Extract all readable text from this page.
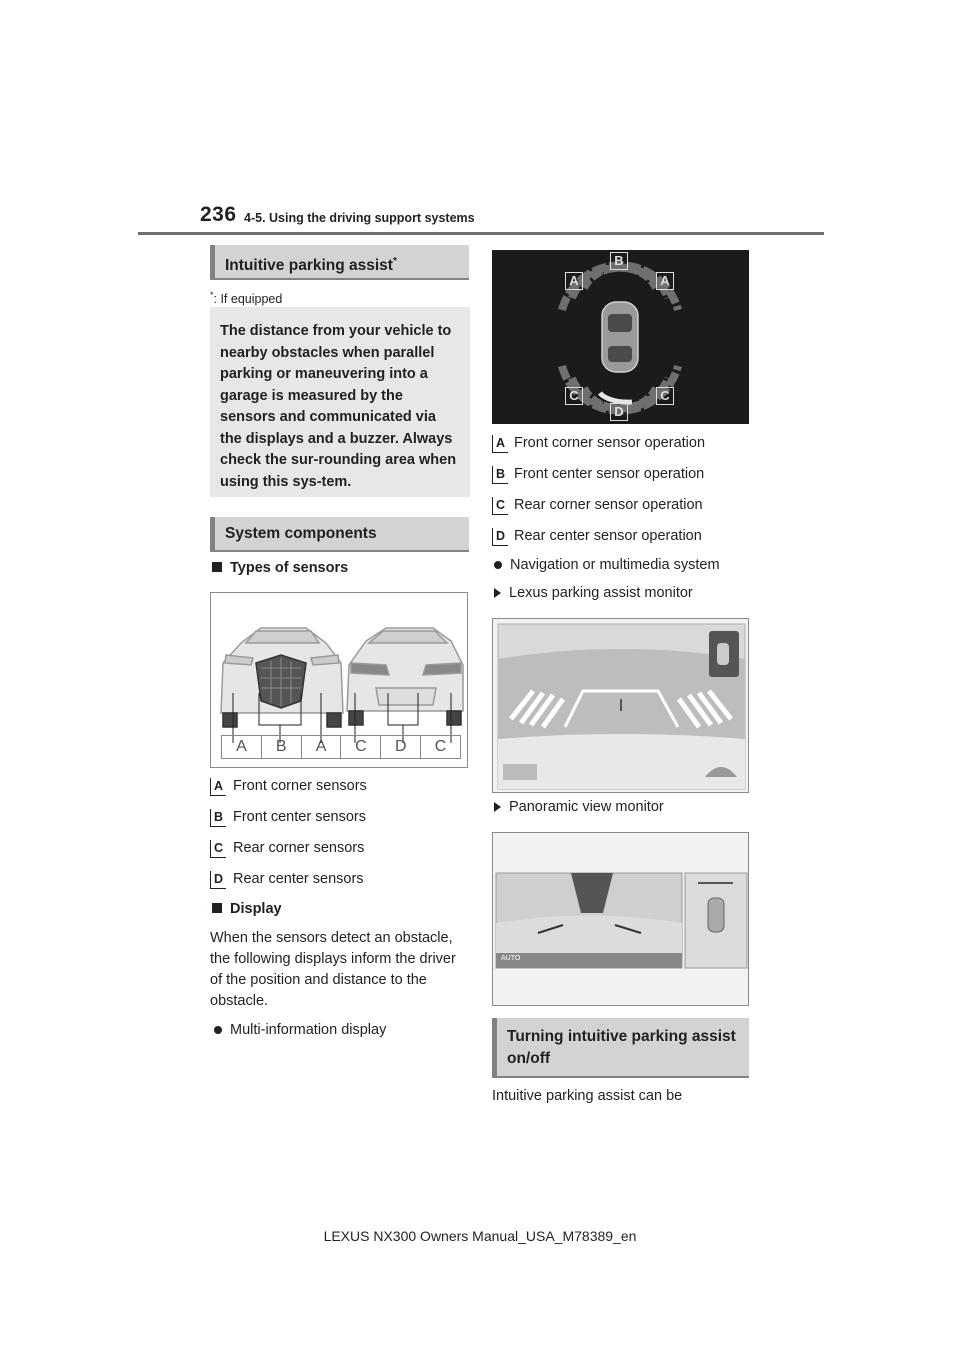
236 4-5. Using the driving support systems
Intuitive parking assist*
*: If equipped
The distance from your vehicle to nearby obstacles when parallel parking or maneuvering into a garage is measured by the sensors and communicated via the displays and a buzzer. Always check the sur-rounding area when using this sys-tem.
System components
Types of sensors
A	B	A	C	D	C
A Front corner sensors
B Front center sensors
C Rear corner sensors
D Rear center sensors
Display
When the sensors detect an obstacle, the following displays inform the driver of the position and distance to the obstacle.
Multi-information display
B
A	A
C	C
D
A Front corner sensor operation
B Front center sensor operation
C Rear corner sensor operation
D Rear center sensor operation
Navigation or multimedia system
Lexus parking assist monitor
Panoramic view monitor
AUTO
Turning intuitive parking assist on/off
Intuitive parking assist can be
LEXUS NX300 Owners Manual_USA_M78389_en
